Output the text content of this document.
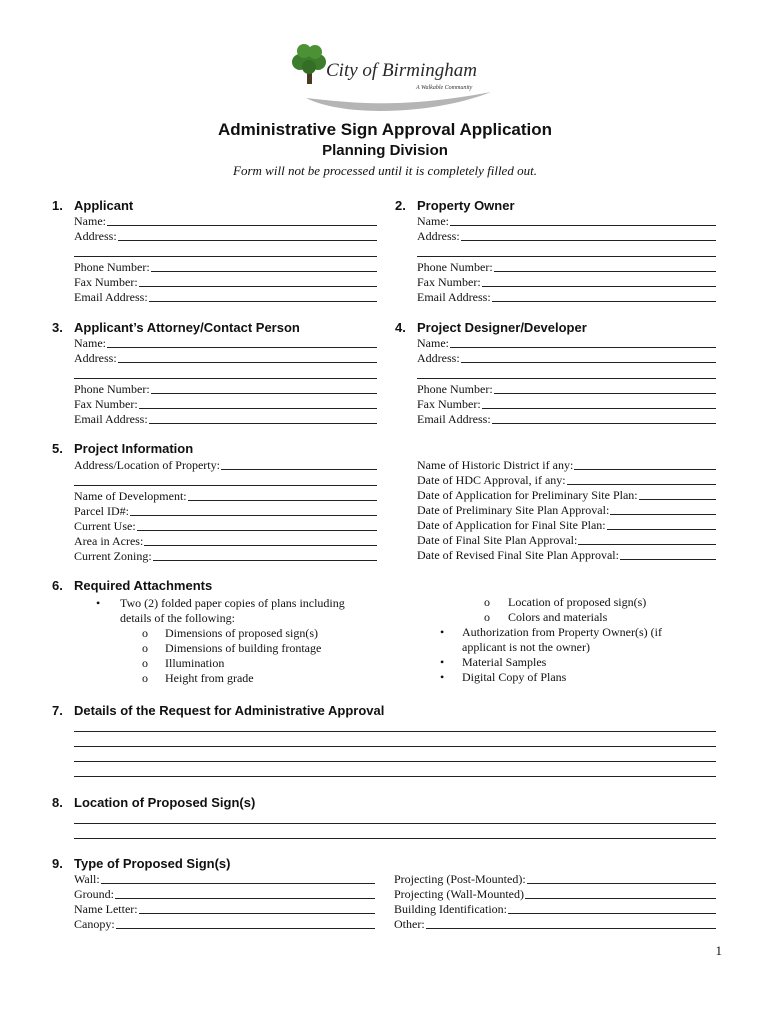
City of Birmingham
A Walkable Community
Administrative Sign Approval Application
Planning Division
Form will not be processed until it is completely filled out.
1. Applicant
Name:
Address:
Phone Number:
Fax Number:
Email Address:
2. Property Owner
Name:
Address:
Phone Number:
Fax Number:
Email Address:
3. Applicant’s Attorney/Contact Person
Name:
Address:
Phone Number:
Fax Number:
Email Address:
4. Project Designer/Developer
Name:
Address:
Phone Number:
Fax Number:
Email Address:
5. Project Information
Address/Location of Property:
Name of Development:
Parcel ID#:
Current Use:
Area in Acres:
Current Zoning:
Name of Historic District if any:
Date of HDC Approval, if any:
Date of Application for Preliminary Site Plan:
Date of Preliminary Site Plan Approval:
Date of Application for Final Site Plan:
Date of Final Site Plan Approval:
Date of Revised Final Site Plan Approval:
6. Required Attachments
•	Two (2) folded paper copies of plans including details of the following:
o	Dimensions of proposed sign(s)
o	Dimensions of building frontage
o	Illumination
o	Height from grade
o	Location of proposed sign(s)
o	Colors and materials
•	Authorization from Property Owner(s) (if applicant is not the owner)
•	Material Samples
•	Digital Copy of Plans
7. Details of the Request for Administrative Approval
8. Location of Proposed Sign(s)
9. Type of Proposed Sign(s)
Wall:
Ground:
Name Letter:
Canopy:
Projecting (Post-Mounted):
Projecting (Wall-Mounted)
Building Identification:
Other:
1
